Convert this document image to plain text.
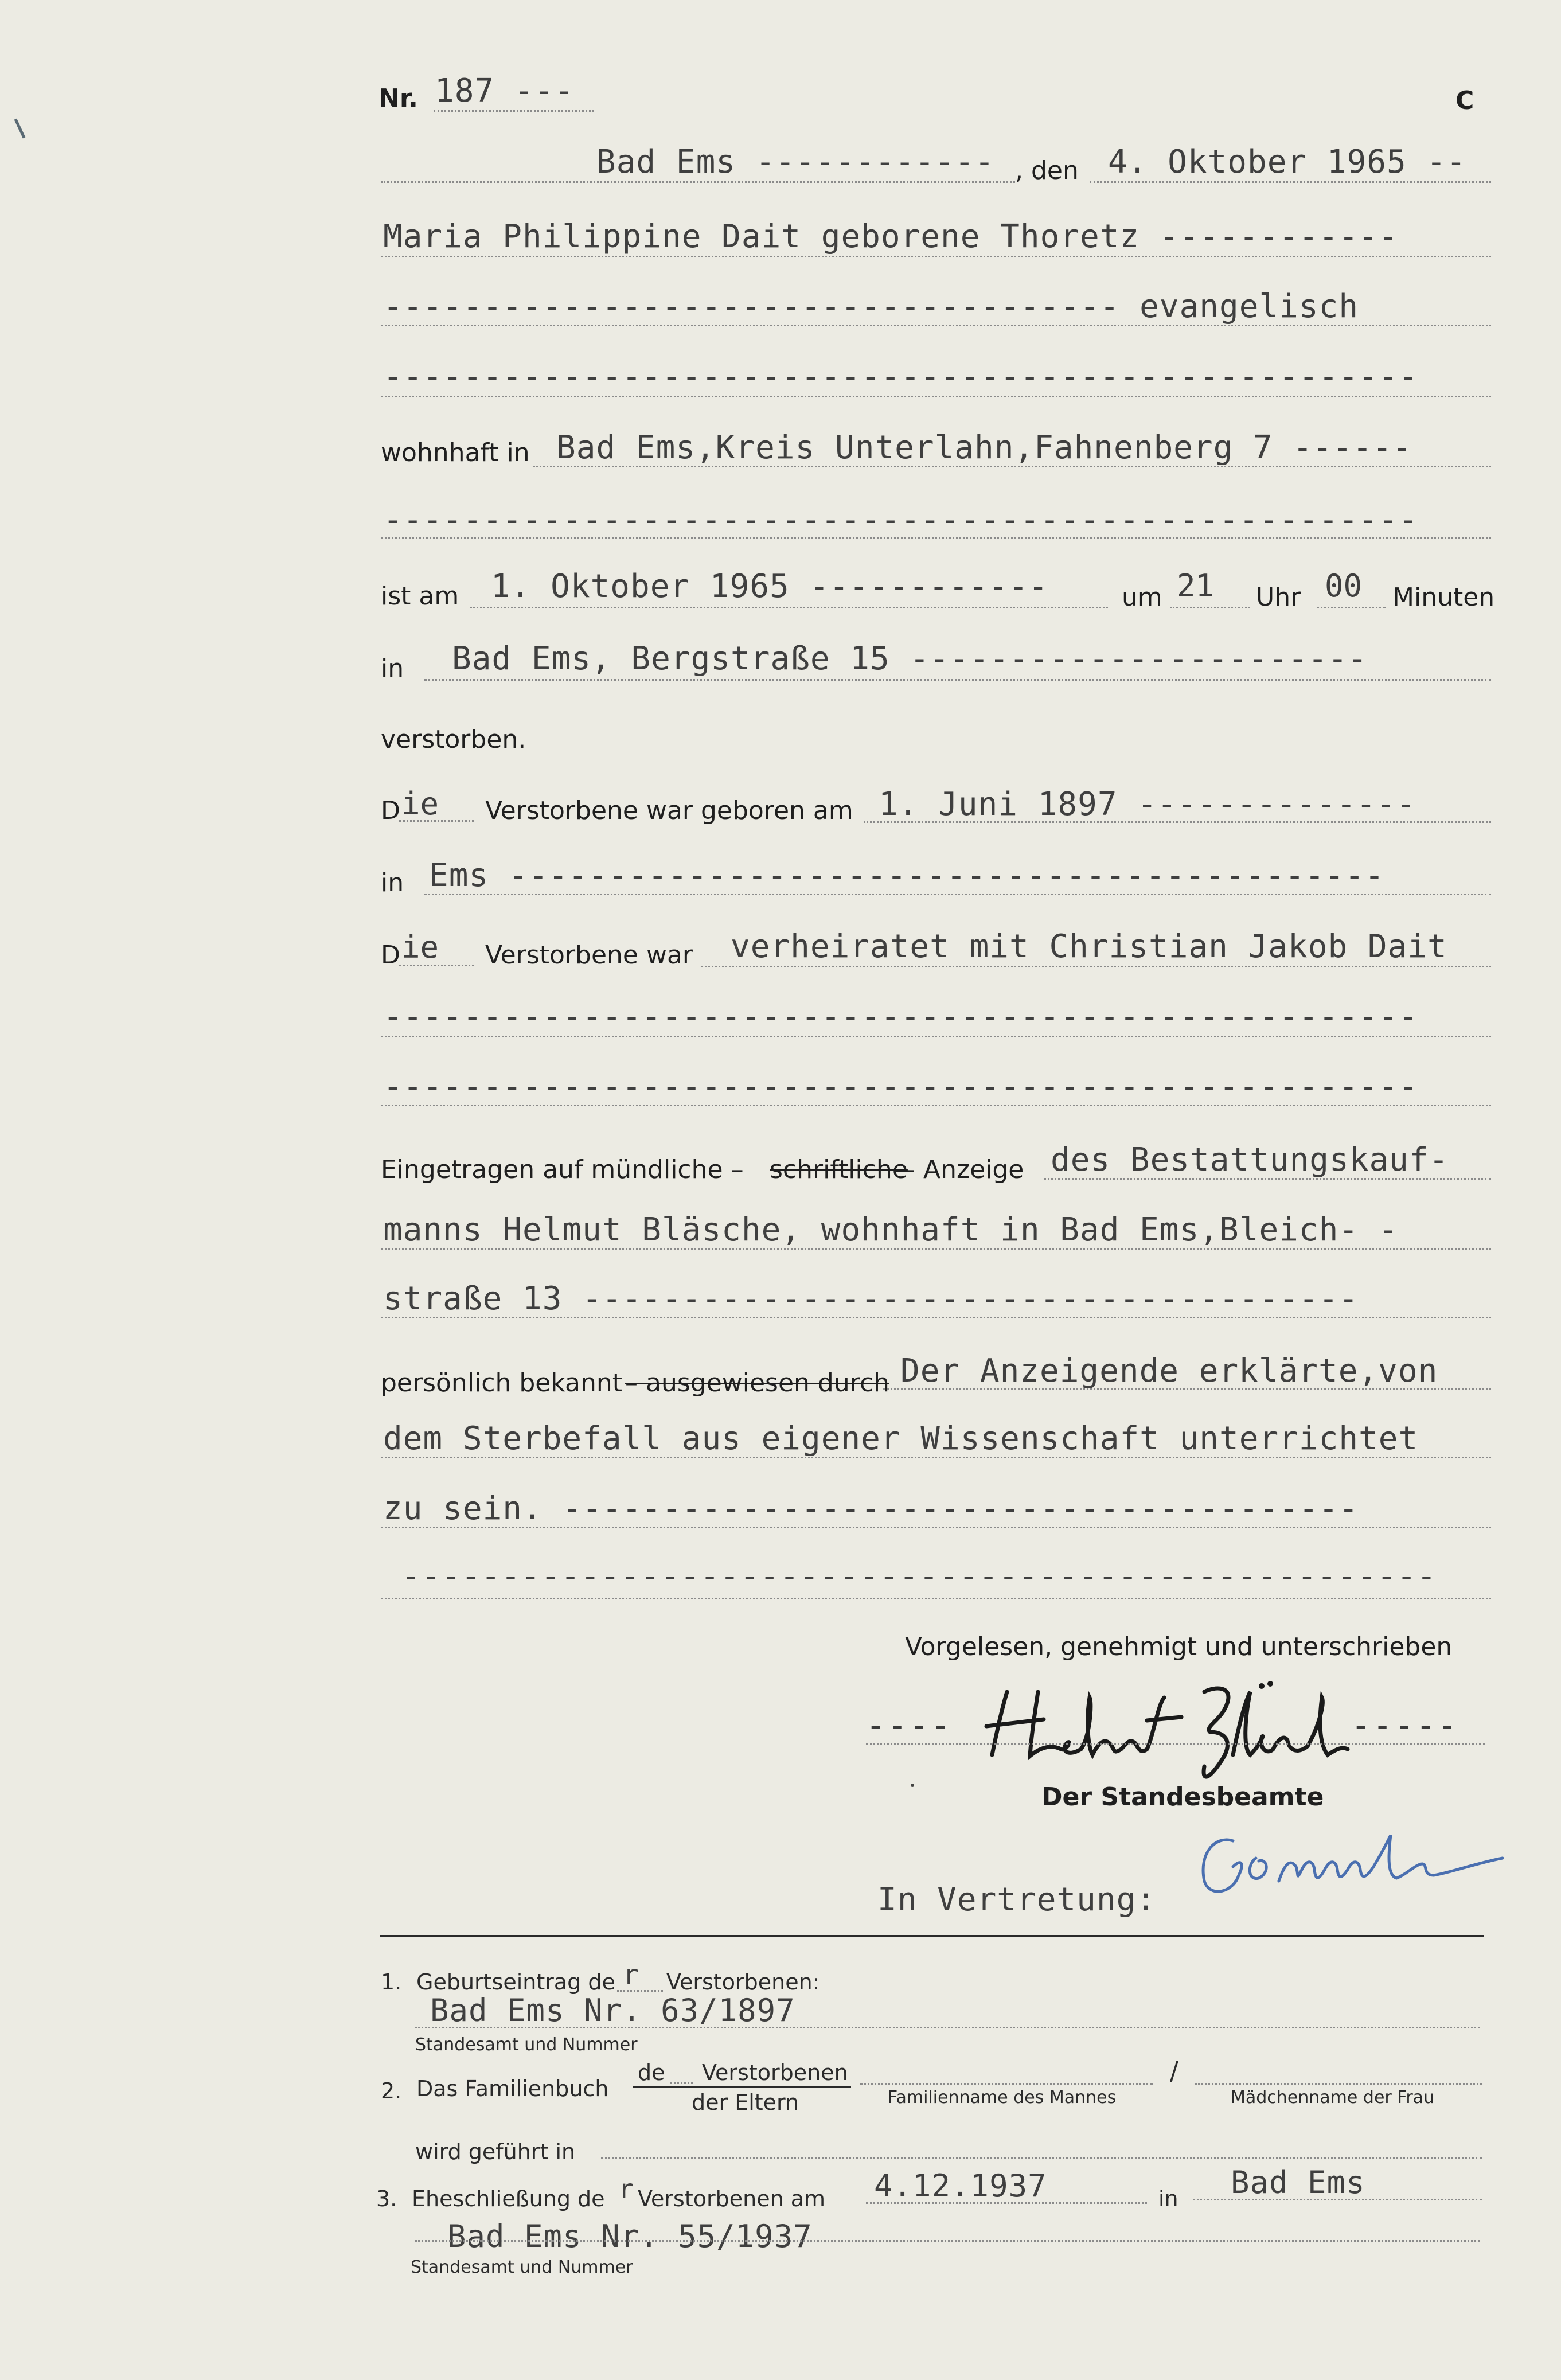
Nr. 187 ---	C
Bad Ems ------------ , den 4. Oktober 1965 --
Maria Philippine Dait geborene Thoretz ------------
------------------------------------- evangelisch
----------------------------------------------------
wohnhaft in Bad Ems,Kreis Unterlahn,Fahnenberg 7 ------
----------------------------------------------------
ist am 1. Oktober 1965 ------------	um 21 Uhr 00 Minuten
in Bad Ems, Bergstraße 15 -----------------------
verstorben.
D ie Verstorbene war geboren am 1. Juni 1897 --------------
in Ems --------------------------------------------
D ie Verstorbene war verheiratet mit Christian Jakob Dait
----------------------------------------------------
----------------------------------------------------
Eingetragen auf mündliche – schriftliche
– Anzeige des Bestattungskauf-
manns Helmut Bläsche, wohnhaft in Bad Ems,Bleich- -
straße 13 ---------------------------------------
persönlich bekannt – ausgewiesen durch Der Anzeigende erklärte,von
dem Sterbefall aus eigener Wissenschaft unterrichtet
zu sein. ----------------------------------------
----------------------------------------------------
Vorgelesen, genehmigt und unterschrieben
----	-----
Der Standesbeamte
In Vertretung:
1. Geburtseintrag de r Verstorbenen:
Bad Ems Nr. 63/1897
Standesamt und Nummer
2. Das Familienbuch
de Verstorbenen
der Eltern	Familienname des Mannes
/
Mädchenname der Frau
wird geführt in
3. Eheschließung de r Verstorbenen am 4.12.1937	in Bad Ems
Bad Ems Nr. 55/1937
Standesamt und Nummer
